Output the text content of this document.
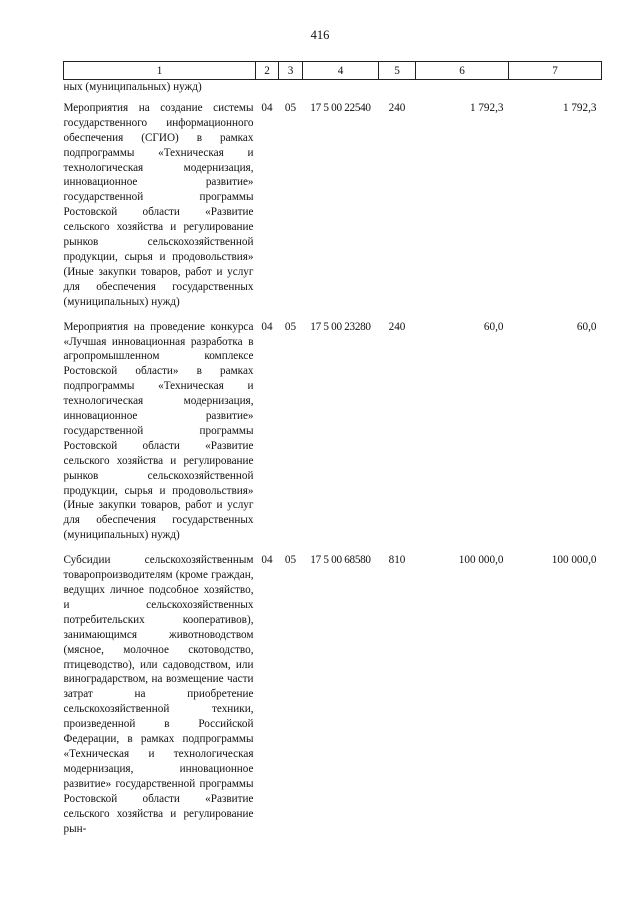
416
1	2	3	4	5	6	7
ных (муниципальных) нужд)						
Мероприятия на создание системы государственного информационного обеспечения (СГИО) в рамках подпрограммы «Техническая и технологическая модернизация, инновационное развитие» государственной программы Ростовской области «Развитие сельского хозяйства и регулирование рынков сельскохозяйственной продукции, сырья и продовольствия» (Иные закупки товаров, работ и услуг для обеспечения государственных (муниципальных) нужд)	04	05	17 5 00 22540	240	1 792,3	1 792,3
Мероприятия на проведение конкурса «Лучшая инновационная разработка в агропромышленном комплексе Ростовской области» в рамках подпрограммы «Техническая и технологическая модернизация, инновационное развитие» государственной программы Ростовской области «Развитие сельского хозяйства и регулирование рынков сельскохозяйственной продукции, сырья и продовольствия» (Иные закупки товаров, работ и услуг для обеспечения государственных (муниципальных) нужд)	04	05	17 5 00 23280	240	60,0	60,0
Субсидии сельскохозяйственным товаропроизводителям (кроме граждан, ведущих личное подсобное хозяйство, и сельскохозяйственных потребительских кооперативов), занимающимся животноводством (мясное, молочное скотоводство, птицеводство), или садоводством, или виноградарством, на возмещение части затрат на приобретение сельскохозяйственной техники, произведенной в Российской Федерации, в рамках подпрограммы «Техническая и технологическая модернизация, инновационное развитие» государственной программы Ростовской области «Развитие сельского хозяйства и регулирование рын-	04	05	17 5 00 68580	810	100 000,0	100 000,0
